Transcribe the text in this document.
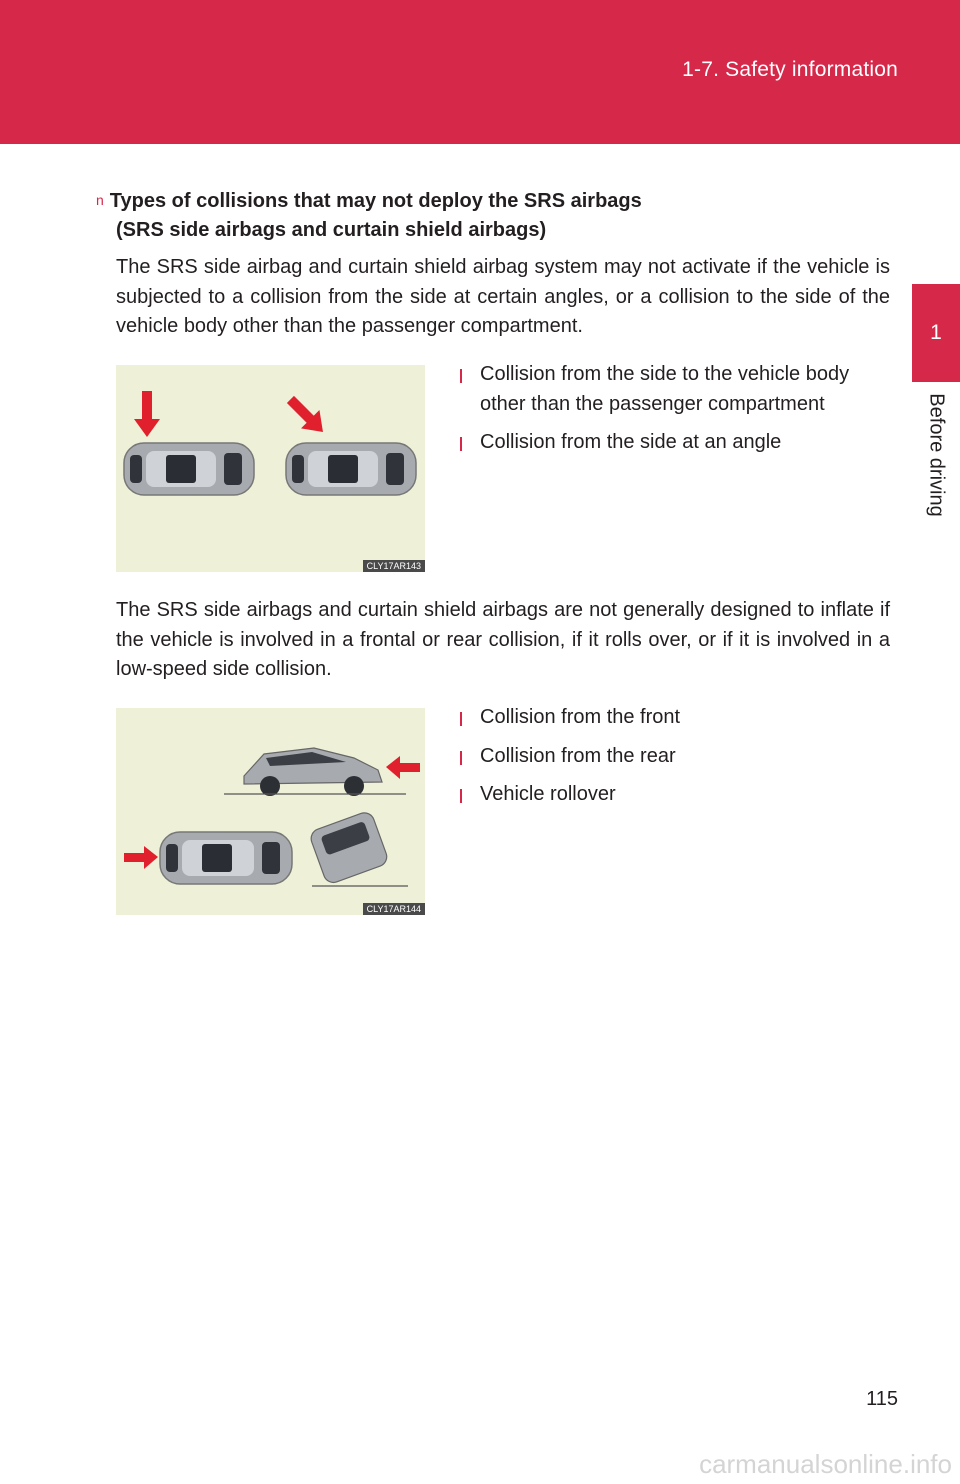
1-7. Safety information
1
Before driving
n Types of collisions that may not deploy the SRS airbags
(SRS side airbags and curtain shield airbags)
The SRS side airbag and curtain shield airbag system may not activate if the vehicle is subjected to a collision from the side at certain angles, or a collision to the side of the vehicle body other than the passenger compartment.
CLY17AR143
Collision from the side to the vehicle body other than the passenger compartment
Collision from the side at an angle
The SRS side airbags and curtain shield airbags are not generally designed to inflate if the vehicle is involved in a frontal or rear collision, if it rolls over, or if it is involved in a low-speed side collision.
CLY17AR144
Collision from the front
Collision from the rear
Vehicle rollover
115
carmanualsonline.info
